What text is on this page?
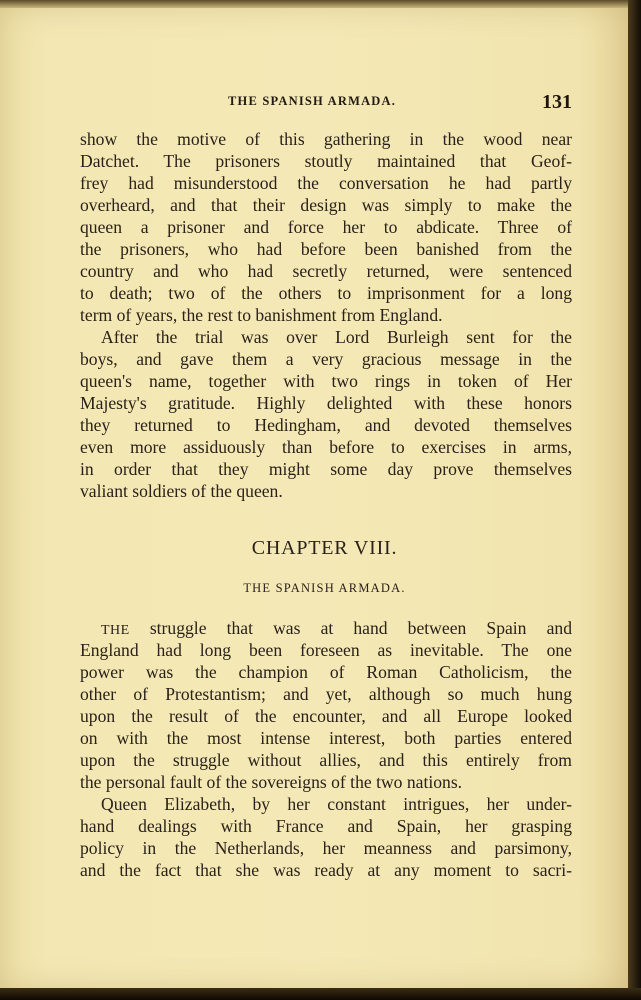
THE SPANISH ARMADA.	131
show the motive of this gathering in the wood near
Datchet. The prisoners stoutly maintained that Geof-
frey had misunderstood the conversation he had partly
overheard, and that their design was simply to make the
queen a prisoner and force her to abdicate. Three of
the prisoners, who had before been banished from the
country and who had secretly returned, were sentenced
to death; two of the others to imprisonment for a long
term of years, the rest to banishment from England.
After the trial was over Lord Burleigh sent for the
boys, and gave them a very gracious message in the
queen's name, together with two rings in token of Her
Majesty's gratitude. Highly delighted with these honors
they returned to Hedingham, and devoted themselves
even more assiduously than before to exercises in arms,
in order that they might some day prove themselves
valiant soldiers of the queen.
CHAPTER VIII.
THE SPANISH ARMADA.
THE struggle that was at hand between Spain and
England had long been foreseen as inevitable. The one
power was the champion of Roman Catholicism, the
other of Protestantism; and yet, although so much hung
upon the result of the encounter, and all Europe looked
on with the most intense interest, both parties entered
upon the struggle without allies, and this entirely from
the personal fault of the sovereigns of the two nations.
Queen Elizabeth, by her constant intrigues, her under-
hand dealings with France and Spain, her grasping
policy in the Netherlands, her meanness and parsimony,
and the fact that she was ready at any moment to sacri-
